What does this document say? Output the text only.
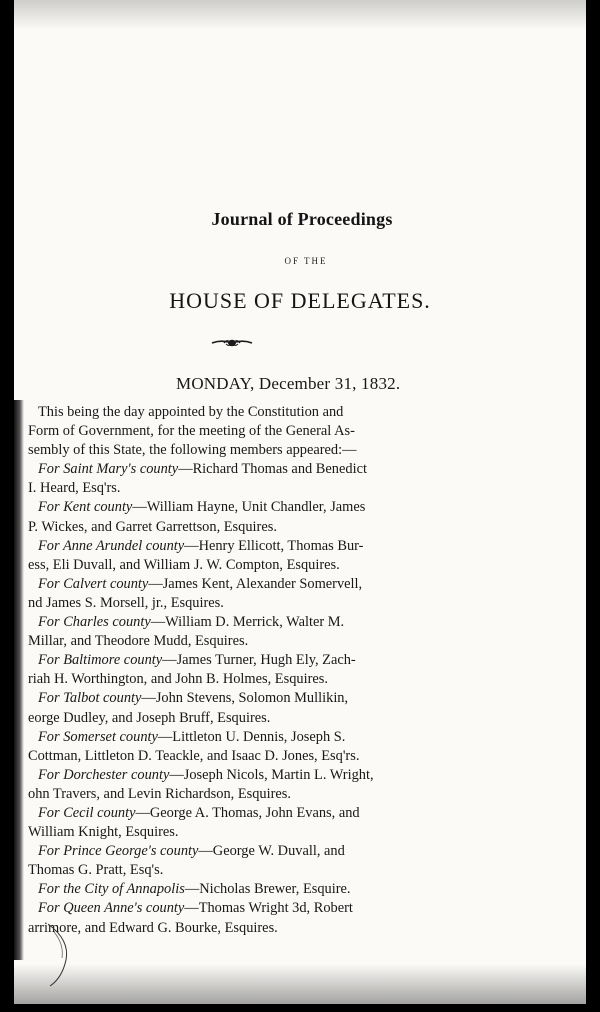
Journal of Proceedings
OF THE
HOUSE OF DELEGATES.
MONDAY, December 31, 1832.

This being the day appointed by the Constitution and
Form of Government, for the meeting of the General As-
sembly of this State, the following members appeared:—

For Saint Mary's county—Richard Thomas and Benedict
I. Heard, Esq'rs.

For Kent county—William Hayne, Unit Chandler, James
P. Wickes, and Garret Garrettson, Esquires.

For Anne Arundel county—Henry Ellicott, Thomas Bur-
ess, Eli Duvall, and William J. W. Compton, Esquires.

For Calvert county—James Kent, Alexander Somervell,
nd James S. Morsell, jr., Esquires.

For Charles county—William D. Merrick, Walter M.
Millar, and Theodore Mudd, Esquires.

For Baltimore county—James Turner, Hugh Ely, Zach-
riah H. Worthington, and John B. Holmes, Esquires.

For Talbot county—John Stevens, Solomon Mullikin,
eorge Dudley, and Joseph Bruff, Esquires.

For Somerset county—Littleton U. Dennis, Joseph S.
Cottman, Littleton D. Teackle, and Isaac D. Jones, Esq'rs.

For Dorchester county—Joseph Nicols, Martin L. Wright,
ohn Travers, and Levin Richardson, Esquires.

For Cecil county—George A. Thomas, John Evans, and
William Knight, Esquires.

For Prince George's county—George W. Duvall, and
Thomas G. Pratt, Esq's.

For the City of Annapolis—Nicholas Brewer, Esquire.

For Queen Anne's county—Thomas Wright 3d, Robert
arrimore, and Edward G. Bourke, Esquires.
